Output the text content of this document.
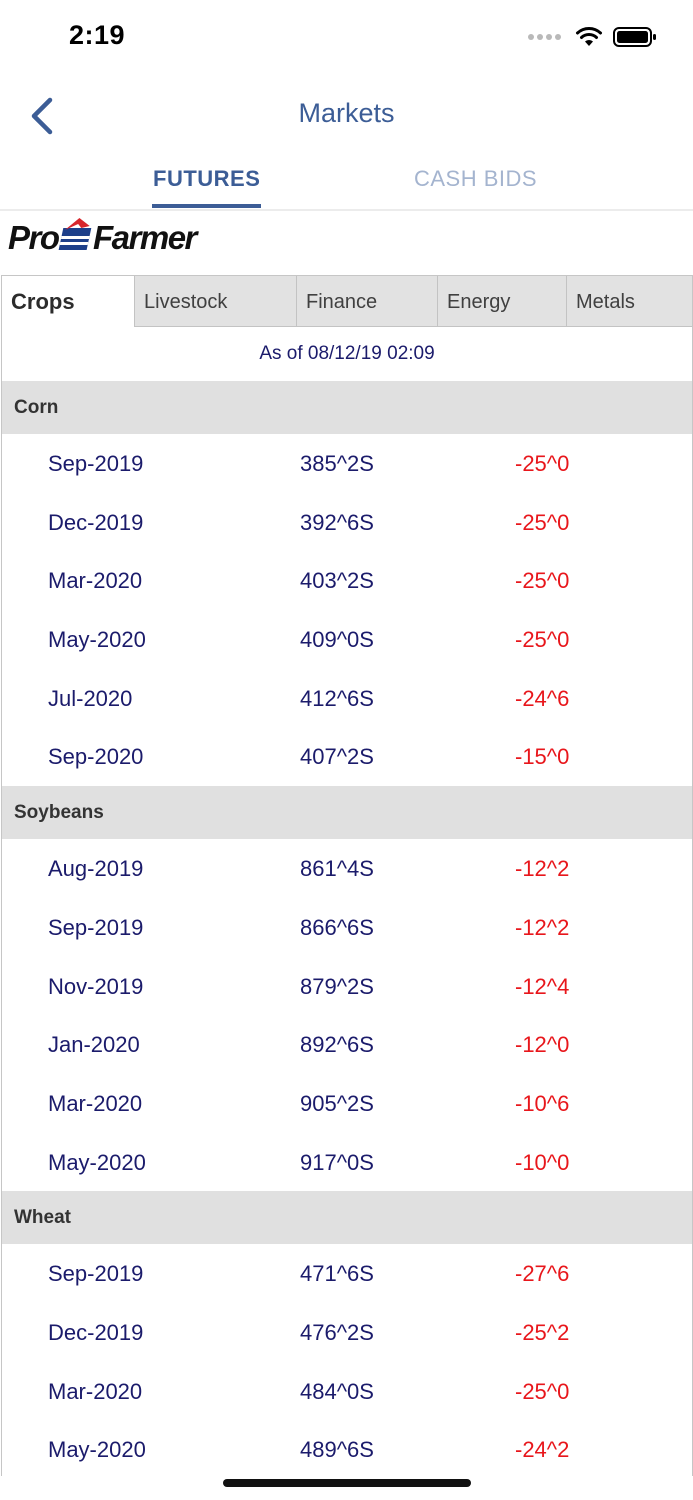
2:19
Markets
FUTURES	CASH BIDS
Pro Farmer
Crops	Livestock	Finance	Energy	Metals
As of 08/12/19 02:09
Corn
Sep-2019	385^2S	-25^0
Dec-2019	392^6S	-25^0
Mar-2020	403^2S	-25^0
May-2020	409^0S	-25^0
Jul-2020	412^6S	-24^6
Sep-2020	407^2S	-15^0
Soybeans
Aug-2019	861^4S	-12^2
Sep-2019	866^6S	-12^2
Nov-2019	879^2S	-12^4
Jan-2020	892^6S	-12^0
Mar-2020	905^2S	-10^6
May-2020	917^0S	-10^0
Wheat
Sep-2019	471^6S	-27^6
Dec-2019	476^2S	-25^2
Mar-2020	484^0S	-25^0
May-2020	489^6S	-24^2
